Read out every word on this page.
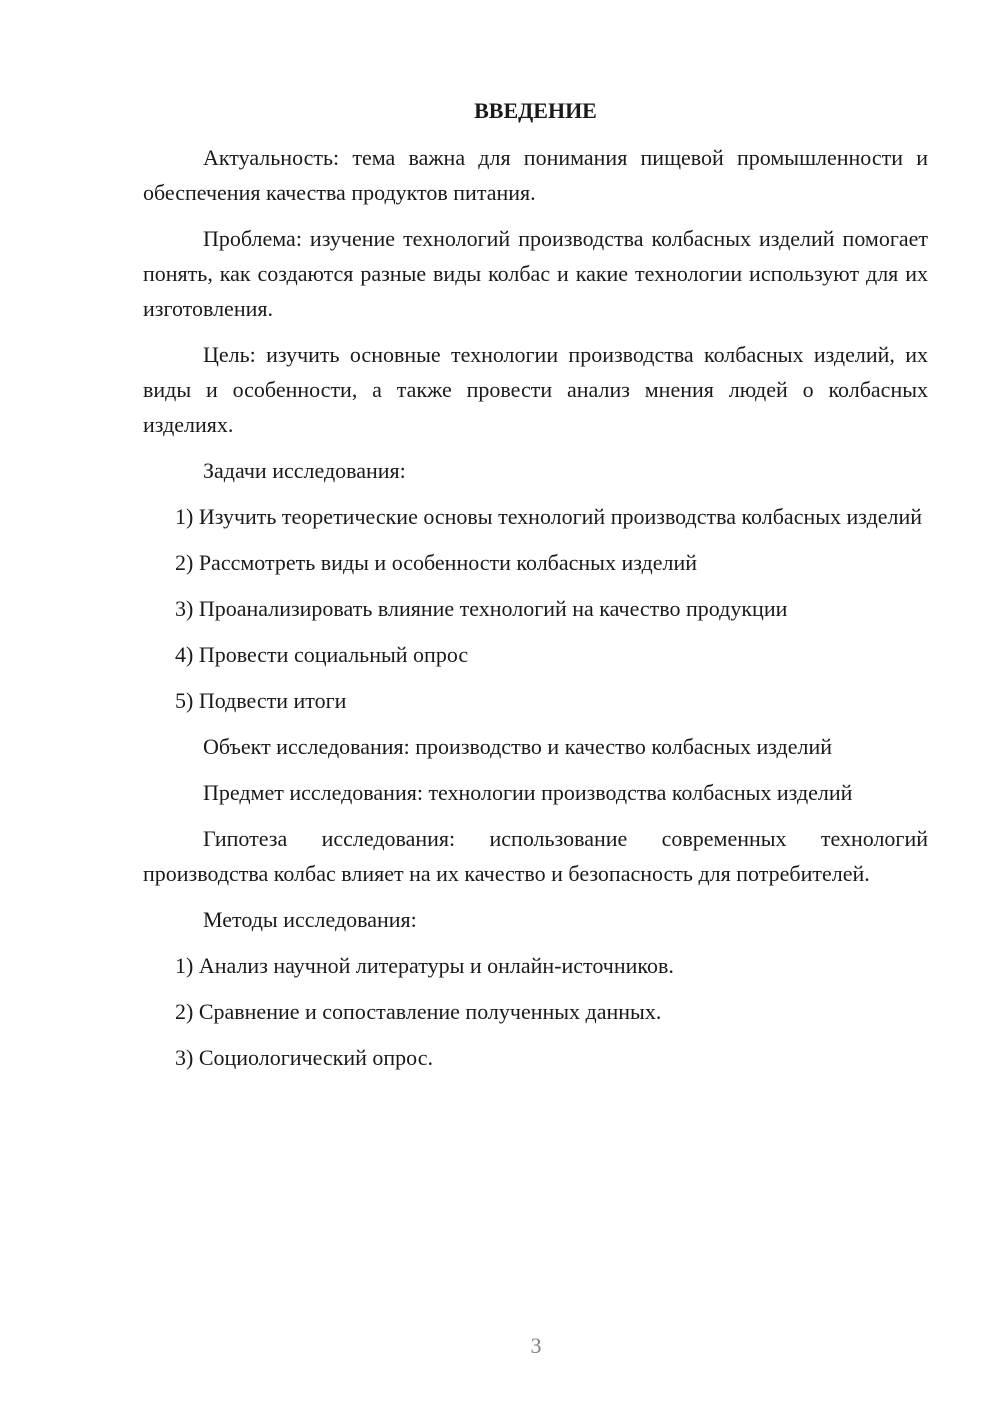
ВВЕДЕНИЕ
Актуальность: тема важна для понимания пищевой промышленности и обеспечения качества продуктов питания.
Проблема: изучение технологий производства колбасных изделий помогает понять, как создаются разные виды колбас и какие технологии используют для их изготовления.
Цель: изучить основные технологии производства колбасных изделий, их виды и особенности, а также провести анализ мнения людей о колбасных изделиях.
Задачи исследования:
1) Изучить теоретические основы технологий производства колбасных изделий
2) Рассмотреть виды и особенности колбасных изделий
3) Проанализировать влияние технологий на качество продукции
4) Провести социальный опрос
5) Подвести итоги
Объект исследования: производство и качество колбасных изделий
Предмет исследования: технологии производства колбасных изделий
Гипотеза исследования: использование современных технологий производства колбас влияет на их качество и безопасность для потребителей.
Методы исследования:
1) Анализ научной литературы и онлайн-источников.
2) Сравнение и сопоставление полученных данных.
3) Социологический опрос.
3
